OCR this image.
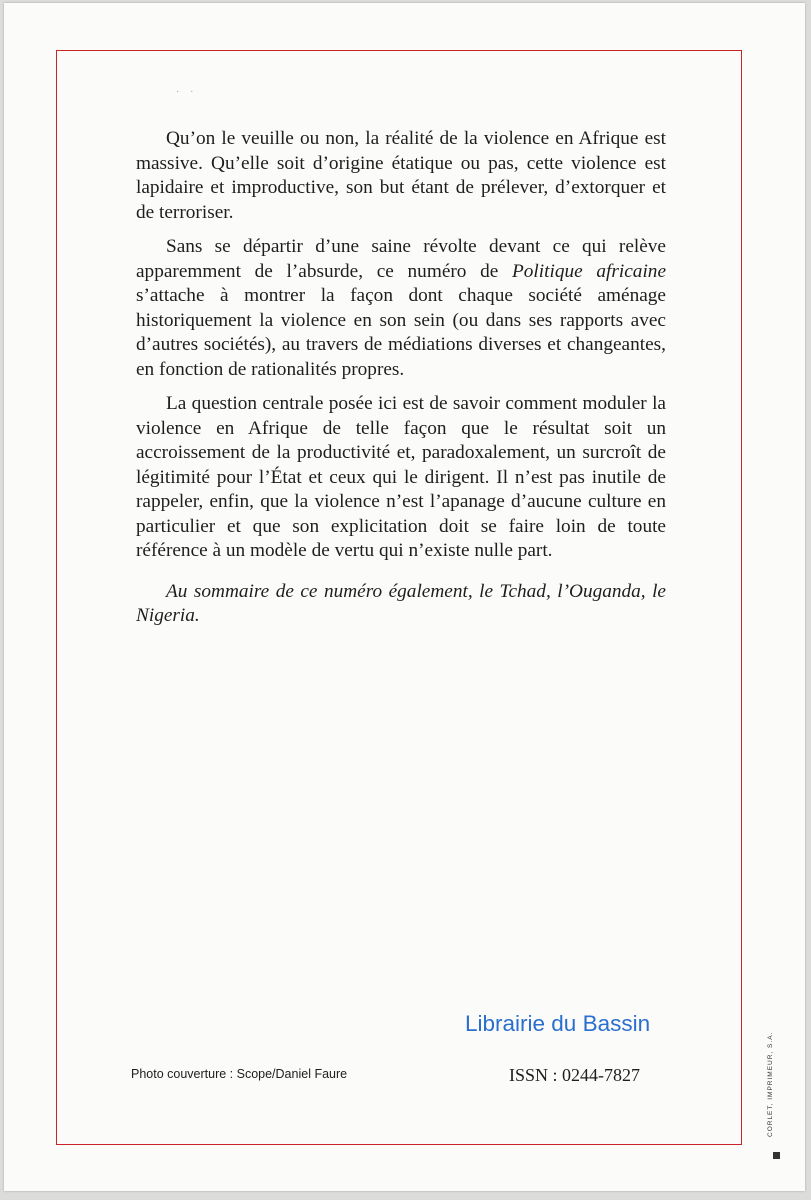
· ·

Qu’on le veuille ou non, la réalité de la violence en Afrique est massive. Qu’elle soit d’origine étatique ou pas, cette violence est lapidaire et improductive, son but étant de prélever, d’extorquer et de terroriser.

Sans se départir d’une saine révolte devant ce qui relève apparemment de l’absurde, ce numéro de Politique africaine s’attache à montrer la façon dont chaque société aménage historiquement la violence en son sein (ou dans ses rapports avec d’autres sociétés), au travers de médiations diverses et changeantes, en fonction de rationalités propres.

La question centrale posée ici est de savoir comment moduler la violence en Afrique de telle façon que le résultat soit un accroissement de la productivité et, paradoxalement, un surcroît de légitimité pour l’État et ceux qui le dirigent. Il n’est pas inutile de rappeler, enfin, que la violence n’est l’apanage d’aucune culture en particulier et que son explicitation doit se faire loin de toute référence à un modèle de vertu qui n’existe nulle part.

Au sommaire de ce numéro également, le Tchad, l’Ouganda, le Nigeria.

Librairie du Bassin
Photo couverture : Scope/Daniel Faure	ISSN : 0244-7827	CORLET, IMPRIMEUR, S.A.
